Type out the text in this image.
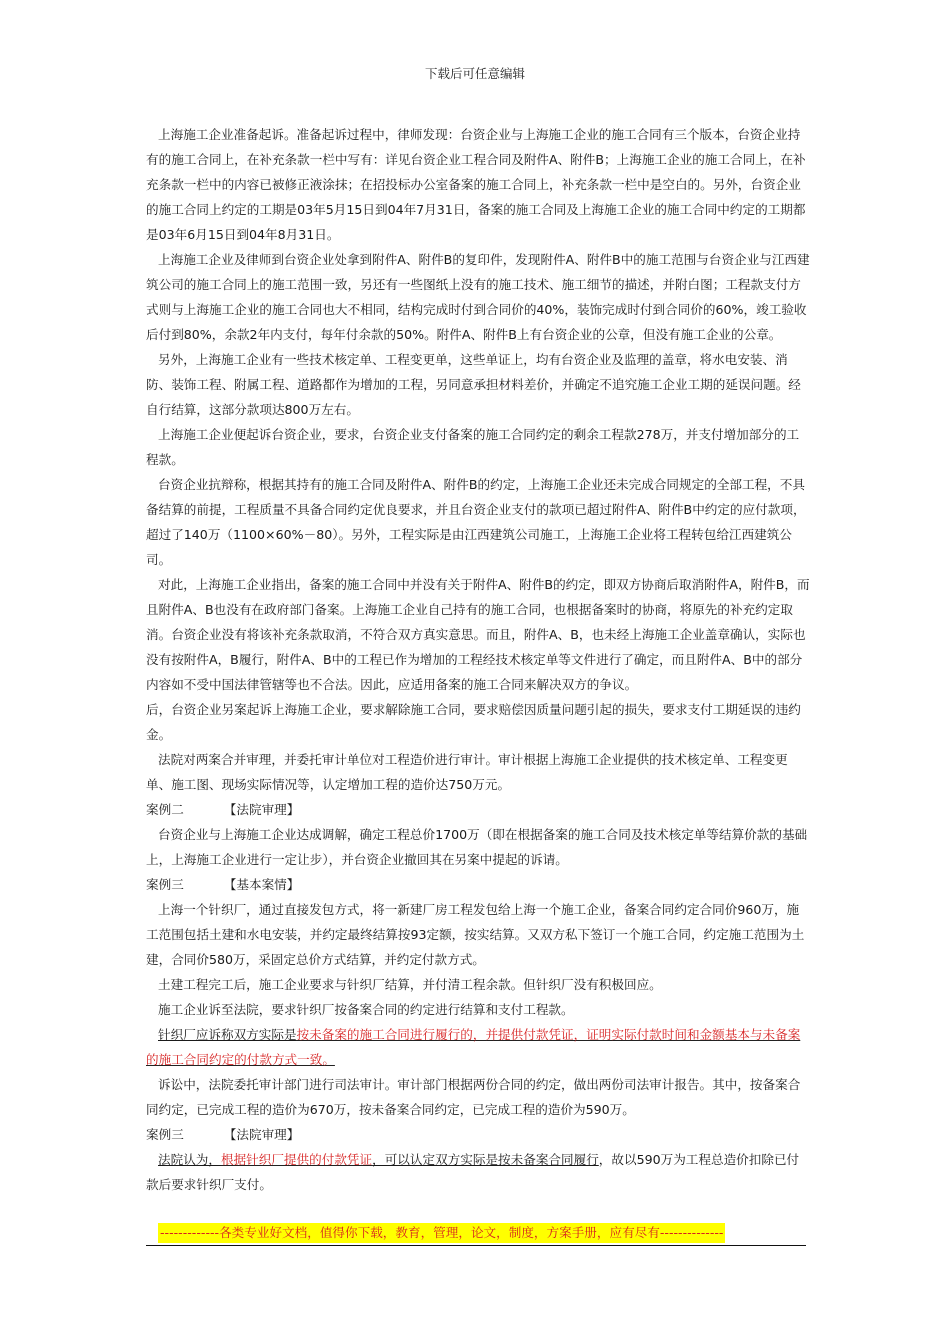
下载后可任意编辑

上海施工企业准备起诉。准备起诉过程中，律师发现：台资企业与上海施工企业的施工合同有三个版本，台资企业持有的施工合同上，在补充条款一栏中写有：详见台资企业工程合同及附件A、附件B；上海施工企业的施工合同上，在补充条款一栏中的内容已被修正液涂抹；在招投标办公室备案的施工合同上，补充条款一栏中是空白的。另外，台资企业的施工合同上约定的工期是03年5月15日到04年7月31日，备案的施工合同及上海施工企业的施工合同中约定的工期都是03年6月15日到04年8月31日。

上海施工企业及律师到台资企业处拿到附件A、附件B的复印件，发现附件A、附件B中的施工范围与台资企业与江西建筑公司的施工合同上的施工范围一致，另还有一些图纸上没有的施工技术、施工细节的描述，并附白图；工程款支付方式则与上海施工企业的施工合同也大不相同，结构完成时付到合同价的40%，装饰完成时付到合同价的60%，竣工验收后付到80%，余款2年内支付，每年付余款的50%。附件A、附件B上有台资企业的公章，但没有施工企业的公章。

另外，上海施工企业有一些技术核定单、工程变更单，这些单证上，均有台资企业及监理的盖章，将水电安装、消防、装饰工程、附属工程、道路都作为增加的工程，另同意承担材料差价，并确定不追究施工企业工期的延误问题。经自行结算，这部分款项达800万左右。

上海施工企业便起诉台资企业，要求，台资企业支付备案的施工合同约定的剩余工程款278万，并支付增加部分的工程款。

台资企业抗辩称，根据其持有的施工合同及附件A、附件B的约定，上海施工企业还未完成合同规定的全部工程，不具备结算的前提，工程质量不具备合同约定优良要求，并且台资企业支付的款项已超过附件A、附件B中约定的应付款项，超过了140万（1100×60%－80）。另外，工程实际是由江西建筑公司施工，上海施工企业将工程转包给江西建筑公司。

对此，上海施工企业指出，备案的施工合同中并没有关于附件A、附件B的约定，即双方协商后取消附件A，附件B，而且附件A、B也没有在政府部门备案。上海施工企业自己持有的施工合同，也根据备案时的协商，将原先的补充约定取消。台资企业没有将该补充条款取消，不符合双方真实意思。而且，附件A、B，也未经上海施工企业盖章确认，实际也没有按附件A，B履行，附件A、B中的工程已作为增加的工程经技术核定单等文件进行了确定，而且附件A、B中的部分内容如不受中国法律管辖等也不合法。因此，应适用备案的施工合同来解决双方的争议。

后，台资企业另案起诉上海施工企业，要求解除施工合同，要求赔偿因质量问题引起的损失，要求支付工期延误的违约金。

法院对两案合并审理，并委托审计单位对工程造价进行审计。审计根据上海施工企业提供的技术核定单、工程变更单、施工图、现场实际情况等，认定增加工程的造价达750万元。

案例二	【法院审理】

台资企业与上海施工企业达成调解，确定工程总价1700万（即在根据备案的施工合同及技术核定单等结算价款的基础上，上海施工企业进行一定让步），并台资企业撤回其在另案中提起的诉请。

案例三	【基本案情】

上海一个针织厂，通过直接发包方式，将一新建厂房工程发包给上海一个施工企业，备案合同约定合同价960万，施工范围包括土建和水电安装，并约定最终结算按93定额，按实结算。又双方私下签订一个施工合同，约定施工范围为土建，合同价580万，采固定总价方式结算，并约定付款方式。

土建工程完工后，施工企业要求与针织厂结算，并付清工程余款。但针织厂没有积极回应。

施工企业诉至法院，要求针织厂按备案合同的约定进行结算和支付工程款。

针织厂应诉称双方实际是按未备案的施工合同进行履行的，并提供付款凭证，证明实际付款时间和金额基本与未备案的施工合同约定的付款方式一致。

诉讼中，法院委托审计部门进行司法审计。审计部门根据两份合同的约定，做出两份司法审计报告。其中，按备案合同约定，已完成工程的造价为670万，按未备案合同约定，已完成工程的造价为590万。

案例三	【法院审理】

法院认为，根据针织厂提供的付款凭证，可以认定双方实际是按未备案合同履行，故以590万为工程总造价扣除已付款后要求针织厂支付。

-------------各类专业好文档，值得你下载，教育，管理，论文，制度，方案手册，应有尽有--------------
